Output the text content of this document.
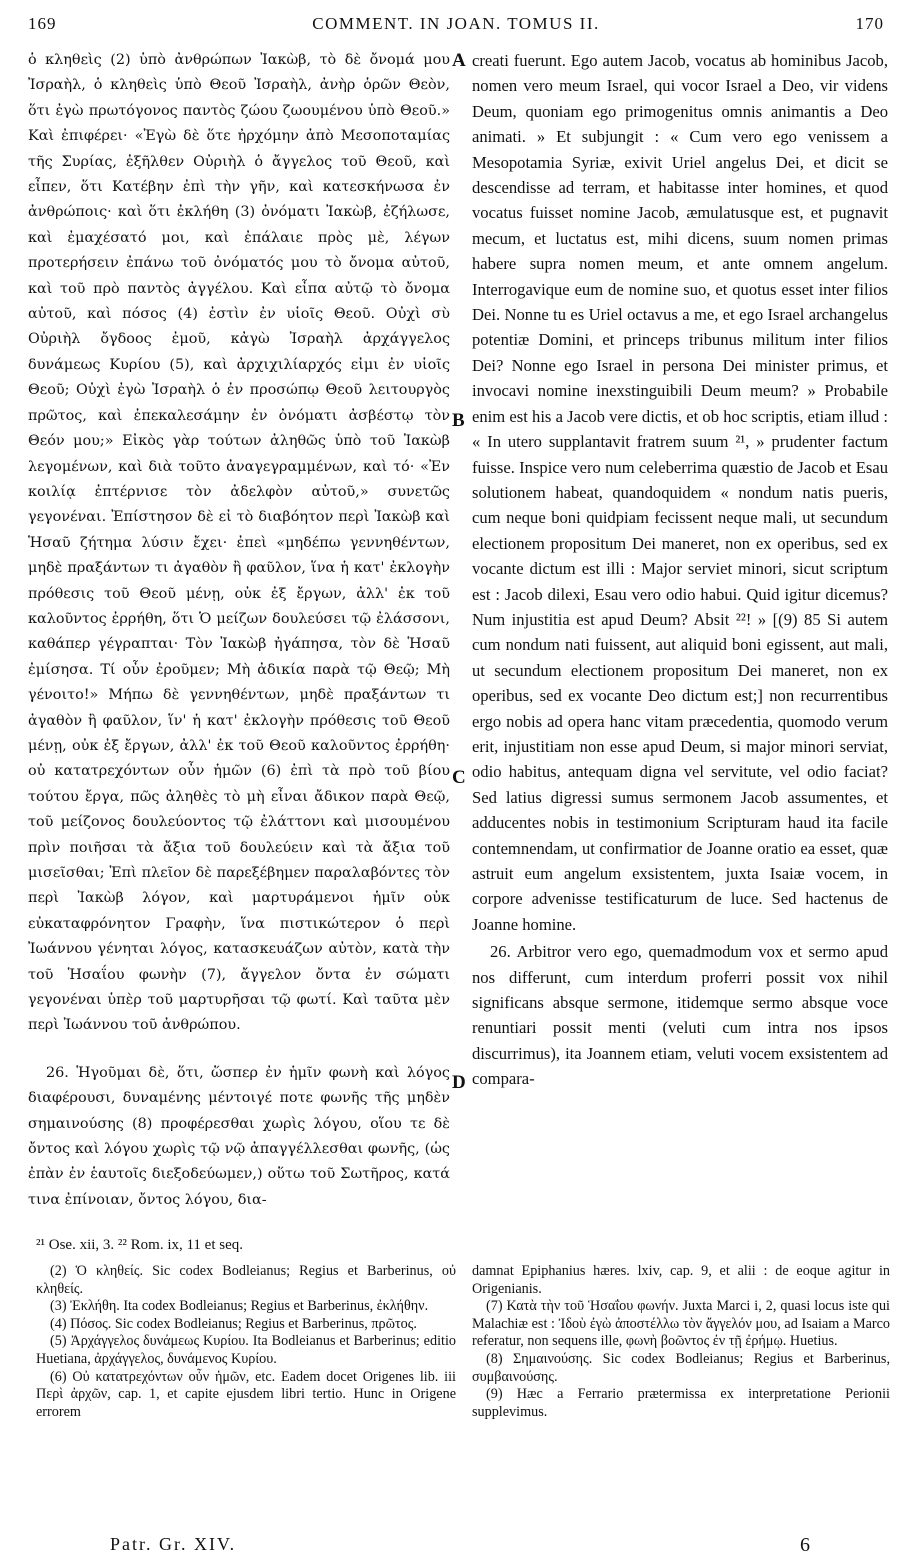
169	COMMENT. IN JOAN. TOMUS II.	170

ὁ κληθεὶς (2) ὑπὸ ἀνθρώπων Ἰακὼβ, τὸ δὲ ὄνομά μου Ἰσραὴλ, ὁ κληθεὶς ὑπὸ Θεοῦ Ἰσραὴλ, ἀνὴρ ὁρῶν Θεὸν, ὅτι ἐγὼ πρωτόγονος παντὸς ζώου ζωουμένου ὑπὸ Θεοῦ.» Καὶ ἐπιφέρει· «Ἐγὼ δὲ ὅτε ἠρχόμην ἀπὸ Μεσοποταμίας τῆς Συρίας, ἐξῆλθεν Οὐριὴλ ὁ ἄγγελος τοῦ Θεοῦ, καὶ εἶπεν, ὅτι Κατέβην ἐπὶ τὴν γῆν, καὶ κατεσκήνωσα ἐν ἀνθρώποις· καὶ ὅτι ἐκλήθη (3) ὀνόματι Ἰακὼβ, ἐζήλωσε, καὶ ἐμαχέσατό μοι, καὶ ἐπάλαιε πρὸς μὲ, λέγων προτερήσειν ἐπάνω τοῦ ὀνόματός μου τὸ ὄνομα αὐτοῦ, καὶ τοῦ πρὸ παντὸς ἀγγέλου. Καὶ εἶπα αὐτῷ τὸ ὄνομα αὐτοῦ, καὶ πόσος (4) ἐστὶν ἐν υἱοῖς Θεοῦ. Οὐχὶ σὺ Οὐριὴλ ὄγδοος ἐμοῦ, κἀγὼ Ἰσραὴλ ἀρχάγγελος δυνάμεως Κυρίου (5), καὶ ἀρχιχιλίαρχός εἰμι ἐν υἱοῖς Θεοῦ; Οὐχὶ ἐγὼ Ἰσραὴλ ὁ ἐν προσώπῳ Θεοῦ λειτουργὸς πρῶτος, καὶ ἐπεκαλεσάμην ἐν ὀνόματι ἀσβέστῳ τὸν Θεόν μου;» Εἰκὸς γὰρ τούτων ἀληθῶς ὑπὸ τοῦ Ἰακὼβ λεγομένων, καὶ διὰ τοῦτο ἀναγεγραμμένων, καὶ τό· «Ἐν κοιλίᾳ ἐπτέρνισε τὸν ἀδελφὸν αὐτοῦ,» συνετῶς γεγονέναι. Ἐπίστησον δὲ εἰ τὸ διαβόητον περὶ Ἰακὼβ καὶ Ἡσαῦ ζήτημα λύσιν ἔχει· ἐπεὶ «μηδέπω γεννηθέντων, μηδὲ πραξάντων τι ἀγαθὸν ἢ φαῦλον, ἵνα ἡ κατ' ἐκλογὴν πρόθεσις τοῦ Θεοῦ μένῃ, οὐκ ἐξ ἔργων, ἀλλ' ἐκ τοῦ καλοῦντος ἐρρήθη, ὅτι Ὁ μείζων δουλεύσει τῷ ἐλάσσονι, καθάπερ γέγραπται· Τὸν Ἰακὼβ ἠγάπησα, τὸν δὲ Ἡσαῦ ἐμίσησα. Τί οὖν ἐροῦμεν; Μὴ ἀδικία παρὰ τῷ Θεῷ; Μὴ γένοιτο!» Μήπω δὲ γεννηθέντων, μηδὲ πραξάντων τι ἀγαθὸν ἢ φαῦλον, ἵν' ἡ κατ' ἐκλογὴν πρόθεσις τοῦ Θεοῦ μένῃ, οὐκ ἐξ ἔργων, ἀλλ' ἐκ τοῦ Θεοῦ καλοῦντος ἐρρήθη· οὐ κατατρεχόντων οὖν ἡμῶν (6) ἐπὶ τὰ πρὸ τοῦ βίου τούτου ἔργα, πῶς ἀληθὲς τὸ μὴ εἶναι ἄδικον παρὰ Θεῷ, τοῦ μείζονος δουλεύοντος τῷ ἐλάττονι καὶ μισουμένου πρὶν ποιῆσαι τὰ ἄξια τοῦ δουλεύειν καὶ τὰ ἄξια τοῦ μισεῖσθαι; Ἐπὶ πλεῖον δὲ παρεξέβημεν παραλαβόντες τὸν περὶ Ἰακὼβ λόγον, καὶ μαρτυράμενοι ἡμῖν οὐκ εὐκαταφρόνητον Γραφὴν, ἵνα πιστικώτερον ὁ περὶ Ἰωάννου γένηται λόγος, κατασκευάζων αὐτὸν, κατὰ τὴν τοῦ Ἡσαΐου φωνὴν (7), ἄγγελον ὄντα ἐν σώματι γεγονέναι ὑπὲρ τοῦ μαρτυρῆσαι τῷ φωτί. Καὶ ταῦτα μὲν περὶ Ἰωάννου τοῦ ἀνθρώπου.

26. Ἡγοῦμαι δὲ, ὅτι, ὥσπερ ἐν ἡμῖν φωνὴ καὶ λόγος διαφέρουσι, δυναμένης μέντοιγέ ποτε φωνῆς τῆς μηδὲν σημαινούσης (8) προφέρεσθαι χωρὶς λόγου, οἵου τε δὲ ὄντος καὶ λόγου χωρὶς τῷ νῷ ἀπαγγέλλεσθαι φωνῆς, (ὡς ἐπὰν ἐν ἑαυτοῖς διεξοδεύωμεν,) οὕτω τοῦ Σωτῆρος, κατά τινα ἐπίνοιαν, ὄντος λόγου, δια-

A
B
C
D

creati fuerunt. Ego autem Jacob, vocatus ab hominibus Jacob, nomen vero meum Israel, qui vocor Israel a Deo, vir videns Deum, quoniam ego primogenitus omnis animantis a Deo animati. » Et subjungit : « Cum vero ego venissem a Mesopotamia Syriæ, exivit Uriel angelus Dei, et dicit se descendisse ad terram, et habitasse inter homines, et quod vocatus fuisset nomine Jacob, æmulatusque est, et pugnavit mecum, et luctatus est, mihi dicens, suum nomen primas habere supra nomen meum, et ante omnem angelum. Interrogavique eum de nomine suo, et quotus esset inter filios Dei. Nonne tu es Uriel octavus a me, et ego Israel archangelus potentiæ Domini, et princeps tribunus militum inter filios Dei? Nonne ego Israel in persona Dei minister primus, et invocavi nomine inexstinguibili Deum meum? » Probabile enim est his a Jacob vere dictis, et ob hoc scriptis, etiam illud : « In utero supplantavit fratrem suum ²¹, » prudenter factum fuisse. Inspice vero num celeberrima quæstio de Jacob et Esau solutionem habeat, quandoquidem « nondum natis pueris, cum neque boni quidpiam fecissent neque mali, ut secundum electionem propositum Dei maneret, non ex operibus, sed ex vocante dictum est illi : Major serviet minori, sicut scriptum est : Jacob dilexi, Esau vero odio habui. Quid igitur dicemus? Num injustitia est apud Deum? Absit ²²! » [(9) 85 Si autem cum nondum nati fuissent, aut aliquid boni egissent, aut mali, ut secundum electionem propositum Dei maneret, non ex operibus, sed ex vocante Deo dictum est;] non recurrentibus ergo nobis ad opera hanc vitam præcedentia, quomodo verum erit, injustitiam non esse apud Deum, si major minori serviat, odio habitus, antequam digna vel servitute, vel odio faciat? Sed latius digressi sumus sermonem Jacob assumentes, et adducentes nobis in testimonium Scripturam haud ita facile contemnendam, ut confirmatior de Joanne oratio ea esset, quæ astruit eum angelum exsistentem, juxta Isaiæ vocem, in corpore advenisse testificaturum de luce. Sed hactenus de Joanne homine.

26. Arbitror vero ego, quemadmodum vox et sermo apud nos differunt, cum interdum proferri possit vox nihil significans absque sermone, itidemque sermo absque voce renuntiari possit menti (veluti cum intra nos ipsos discurrimus), ita Joannem etiam, veluti vocem exsistentem ad compara-

²¹ Ose. xii, 3. ²² Rom. ix, 11 et seq.

(2) Ὁ κληθείς. Sic codex Bodleianus; Regius et Barberinus, οὐ κληθείς.

(3) Ἐκλήθη. Ita codex Bodleianus; Regius et Barberinus, ἐκλήθην.

(4) Πόσος. Sic codex Bodleianus; Regius et Barberinus, πρῶτος.

(5) Ἀρχάγγελος δυνάμεως Κυρίου. Ita Bodleianus et Barberinus; editio Huetiana, ἀρχάγγελος, δυνάμενος Κυρίου.

(6) Οὐ κατατρεχόντων οὖν ἡμῶν, etc. Eadem docet Origenes lib. iii Περὶ ἀρχῶν, cap. 1, et capite ejusdem libri tertio. Hunc in Origene errorem

damnat Epiphanius hæres. lxiv, cap. 9, et alii : de eoque agitur in Origenianis.

(7) Κατὰ τὴν τοῦ Ἡσαΐου φωνήν. Juxta Marci i, 2, quasi locus iste qui Malachiæ est : Ἰδοὺ ἐγὼ ἀποστέλλω τὸν ἄγγελόν μου, ad Isaiam a Marco referatur, non sequens ille, φωνὴ βοῶντος ἐν τῇ ἐρήμῳ. Huetius.

(8) Σημαινούσης. Sic codex Bodleianus; Regius et Barberinus, συμβαινούσης.

(9) Hæc a Ferrario prætermissa ex interpretatione Perionii supplevimus.

Patr. Gr. XIV.	6
